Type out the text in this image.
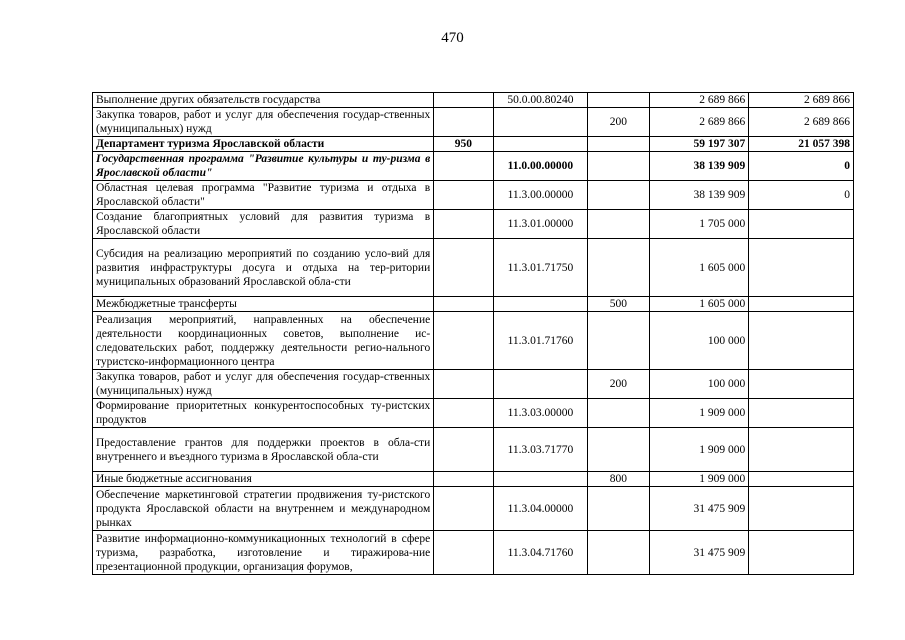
470
Выполнение других обязательств государства		50.0.00.80240		2 689 866	2 689 866
Закупка товаров, работ и услуг для обеспечения государ-ственных (муниципальных) нужд			200	2 689 866	2 689 866
Департамент туризма Ярославской области	950			59 197 307	21 057 398
Государственная программа "Развитие культуры и ту-ризма в Ярославской области"		11.0.00.00000		38 139 909	0
Областная целевая программа "Развитие туризма и отдыха в Ярославской области"		11.3.00.00000		38 139 909	0
Создание благоприятных условий для развития туризма в Ярославской области		11.3.01.00000		1 705 000	
Субсидия на реализацию мероприятий по созданию усло-вий для развития инфраструктуры досуга и отдыха на тер-ритории муниципальных образований Ярославской обла-сти		11.3.01.71750		1 605 000	
Межбюджетные трансферты			500	1 605 000	
Реализация мероприятий, направленных на обеспечение деятельности координационных советов, выполнение ис-следовательских работ, поддержку деятельности регио-нального туристско-информационного центра		11.3.01.71760		100 000	
Закупка товаров, работ и услуг для обеспечения государ-ственных (муниципальных) нужд			200	100 000	
Формирование приоритетных конкурентоспособных ту-ристских продуктов		11.3.03.00000		1 909 000	
Предоставление грантов для поддержки проектов в обла-сти внутреннего и въездного туризма в Ярославской обла-сти		11.3.03.71770		1 909 000	
Иные бюджетные ассигнования			800	1 909 000	
Обеспечение маркетинговой стратегии продвижения ту-ристского продукта Ярославской области на внутреннем и международном рынках		11.3.04.00000		31 475 909	
Развитие информационно-коммуникационных технологий в сфере туризма, разработка, изготовление и тиражирова-ние презентационной продукции, организация форумов,		11.3.04.71760		31 475 909	
